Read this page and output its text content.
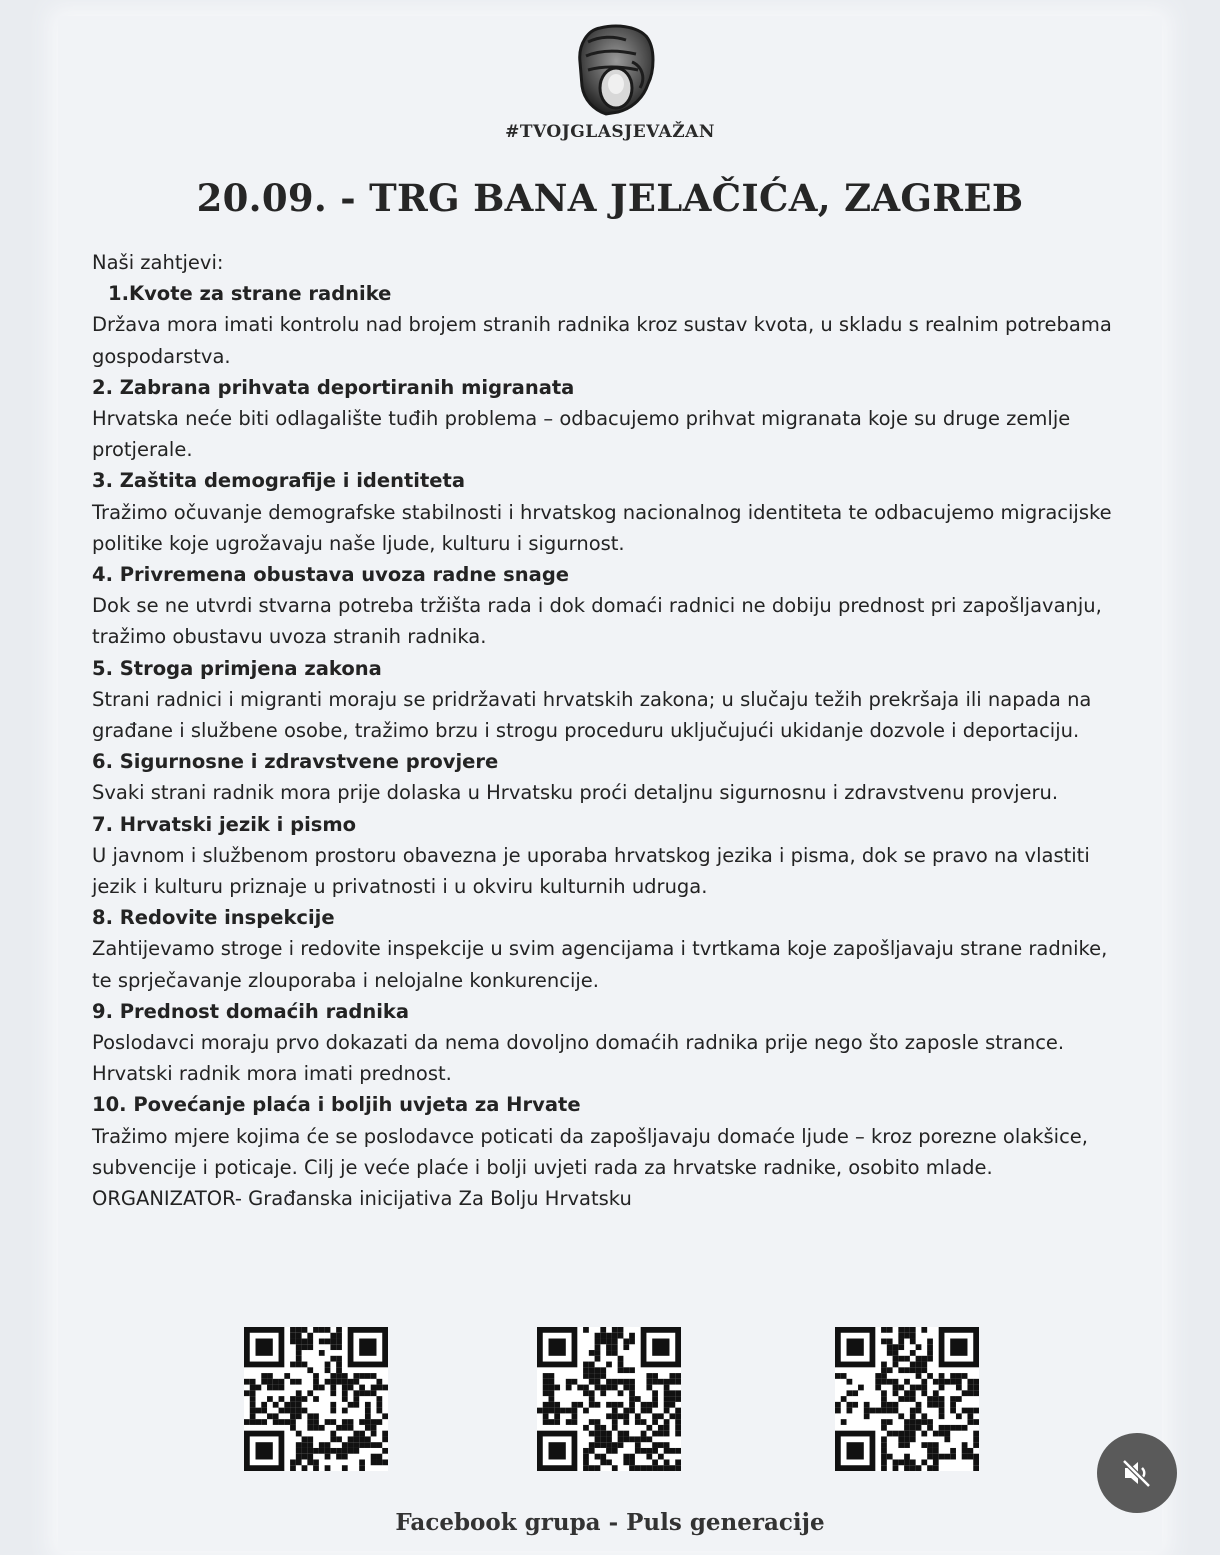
#TVOJGLASJEVAŽAN
20.09. - TRG BANA JELAČIĆA, ZAGREB

Naši zahtjevi:

1.Kvote za strane radnike

Država mora imati kontrolu nad brojem stranih radnika kroz sustav kvota, u skladu s realnim potrebama gospodarstva.

2. Zabrana prihvata deportiranih migranata

Hrvatska neće biti odlagalište tuđih problema – odbacujemo prihvat migranata koje su druge zemlje protjerale.

3. Zaštita demografije i identiteta

Tražimo očuvanje demografske stabilnosti i hrvatskog nacionalnog identiteta te odbacujemo migracijske politike koje ugrožavaju naše ljude, kulturu i sigurnost.

4. Privremena obustava uvoza radne snage

Dok se ne utvrdi stvarna potreba tržišta rada i dok domaći radnici ne dobiju prednost pri zapošljavanju, tražimo obustavu uvoza stranih radnika.

5. Stroga primjena zakona

Strani radnici i migranti moraju se pridržavati hrvatskih zakona; u slučaju težih prekršaja ili napada na građane i službene osobe, tražimo brzu i strogu proceduru uključujući ukidanje dozvole i deportaciju.

6. Sigurnosne i zdravstvene provjere

Svaki strani radnik mora prije dolaska u Hrvatsku proći detaljnu sigurnosnu i zdravstvenu provjeru.

7. Hrvatski jezik i pismo

U javnom i službenom prostoru obavezna je uporaba hrvatskog jezika i pisma, dok se pravo na vlastiti jezik i kulturu priznaje u privatnosti i u okviru kulturnih udruga.

8. Redovite inspekcije

Zahtijevamo stroge i redovite inspekcije u svim agencijama i tvrtkama koje zapošljavaju strane radnike, te sprječavanje zlouporaba i nelojalne konkurencije.

9. Prednost domaćih radnika

Poslodavci moraju prvo dokazati da nema dovoljno domaćih radnika prije nego što zaposle strance. Hrvatski radnik mora imati prednost.

10. Povećanje plaća i boljih uvjeta za Hrvate

Tražimo mjere kojima će se poslodavce poticati da zapošljavaju domaće ljude – kroz porezne olakšice, subvencije i poticaje. Cilj je veće plaće i bolji uvjeti rada za hrvatske radnike, osobito mlade.

ORGANIZATOR- Građanska inicijativa Za Bolju Hrvatsku

Facebook grupa - Puls generacije
